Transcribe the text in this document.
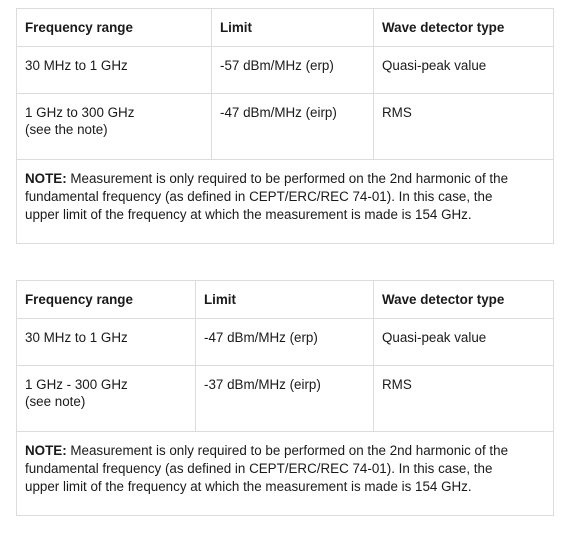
Frequency range	Limit	Wave detector type
30 MHz to 1 GHz	-57 dBm/MHz (erp)	Quasi-peak value

1 GHz to 300 GHz
(see the note)	-47 dBm/MHz (eirp)	RMS
NOTE: Measurement is only required to be performed on the 2nd harmonic of the
fundamental frequency (as defined in CEPT/ERC/REC 74-01). In this case, the
upper limit of the frequency at which the measurement is made is 154 GHz.		
Frequency range	Limit	Wave detector type
30 MHz to 1 GHz	-47 dBm/MHz (erp)	Quasi-peak value

1 GHz - 300 GHz
(see note)	-37 dBm/MHz (eirp)	RMS
NOTE: Measurement is only required to be performed on the 2nd harmonic of the
fundamental frequency (as defined in CEPT/ERC/REC 74-01). In this case, the
upper limit of the frequency at which the measurement is made is 154 GHz.		
